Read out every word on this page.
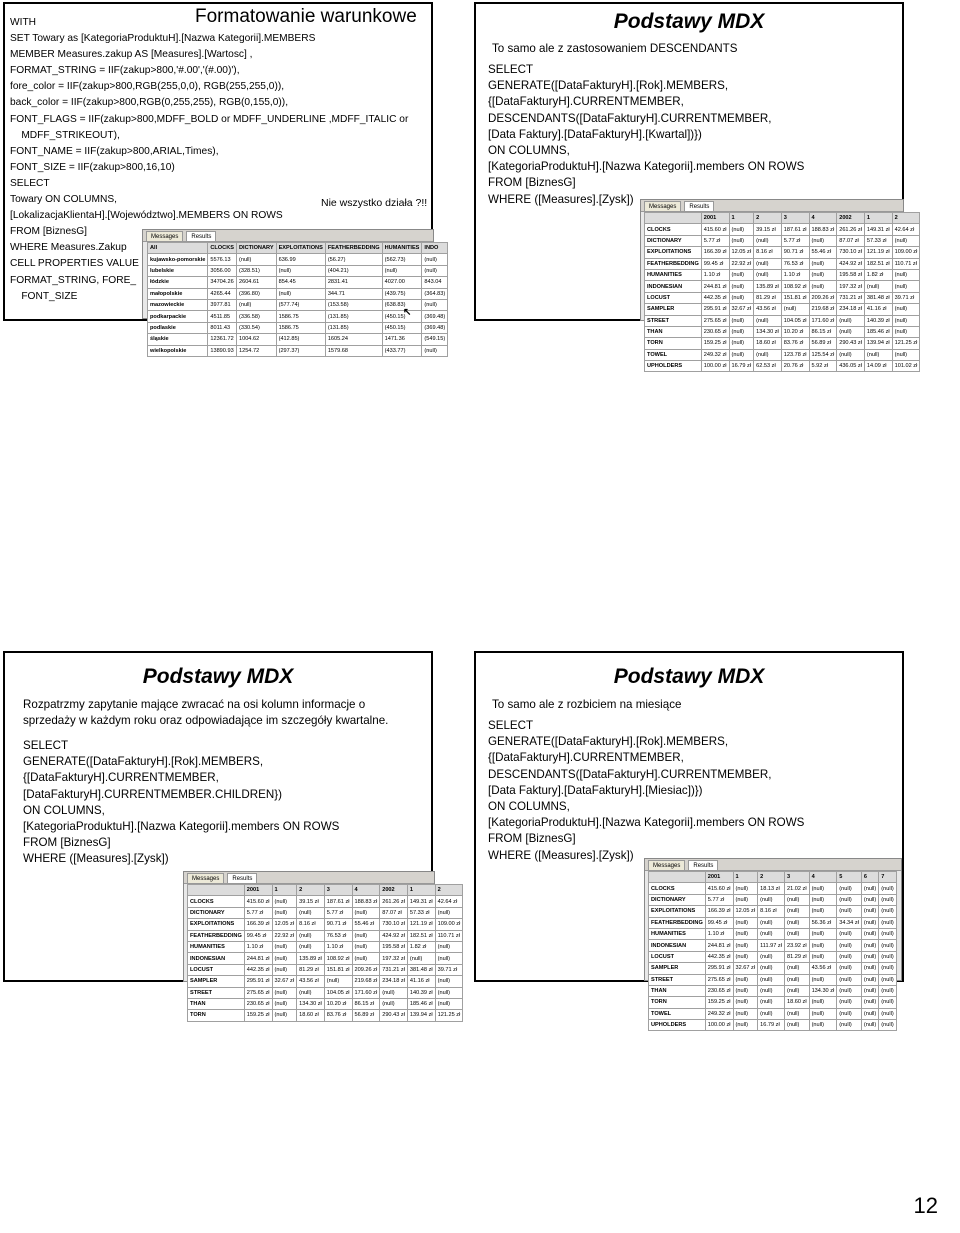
Formatowanie warunkowe
WITH
SET Towary as [KategoriaProduktuH].[Nazwa Kategorii].MEMBERS
MEMBER Measures.zakup AS [Measures].[Wartosc] ,
FORMAT_STRING = IIF(zakup>800,'#.00','(#.00)'),
fore_color = IIF(zakup>800,RGB(255,0,0), RGB(255,255,0)),
back_color = IIF(zakup>800,RGB(0,255,255), RGB(0,155,0)),
FONT_FLAGS = IIF(zakup>800,MDFF_BOLD or MDFF_UNDERLINE ,MDFF_ITALIC or
MDFF_STRIKEOUT),
FONT_NAME = IIF(zakup>800,ARIAL,Times),
FONT_SIZE = IIF(zakup>800,16,10)
SELECT
Towary ON COLUMNS,
[LokalizacjaKlientaH].[Województwo].MEMBERS ON ROWS
FROM [BiznesG]
WHERE Measures.Zakup
CELL PROPERTIES VALUE
FORMAT_STRING, FORE_
FONT_SIZE
Nie wszystko działa ?!!
Messages	Results
All	CLOCKS	DICTIONARY	EXPLOITATIONS	FEATHERBEDDING	HUMANITIES	INDO
kujawsko-pomorskie	5576.13	(null)	636.99	(56.27)	(562.73)	(null)
lubelskie	3056.00	(328.51)	(null)	(404.21)	(null)	(null)
łódzkie	34704.26	2604.61	854.45	2831.41	4027.00	843.04
małopolskie	4265.44	(396.80)	(null)	344.71	(439.75)	(364.83)
mazowieckie	3977.81	(null)	(577.74)	(153.58)	(638.83)	(null)
podkarpackie	4511.85	(336.58)	1586.75	(131.85)	(450.15)	(369.48)
podlaskie	8011.43	(330.54)	1586.75	(131.85)	(450.15)	(369.48)
śląskie	12361.72	1004.62	(412.85)	1605.24	1471.36	(549.15)
wielkopolskie	13890.93	1254.72	(297.37)	1579.68	(433.77)	(null)
↖
Podstawy MDX
To samo ale z zastosowaniem DESCENDANTS
SELECT
GENERATE([DataFakturyH].[Rok].MEMBERS,
{[DataFakturyH].CURRENTMEMBER,
DESCENDANTS([DataFakturyH].CURRENTMEMBER,
[Data Faktury].[DataFakturyH].[Kwartal])})
ON COLUMNS,
[KategoriaProduktuH].[Nazwa Kategorii].members ON ROWS
FROM [BiznesG]
WHERE ([Measures].[Zysk])
Messages	Results
	2001	1	2	3	4	2002	1	2
CLOCKS	415.60 zł	(null)	39.15 zł	187.61 zł	188.83 zł	261.26 zł	149.31 zł	42.64 zł
DICTIONARY	5.77 zł	(null)	(null)	5.77 zł	(null)	87.07 zł	57.33 zł	(null)
EXPLOITATIONS	166.39 zł	12.05 zł	8.16 zł	90.71 zł	55.46 zł	730.10 zł	121.19 zł	109.00 zł
FEATHERBEDDING	99.45 zł	22.92 zł	(null)	76.53 zł	(null)	424.92 zł	182.51 zł	110.71 zł
HUMANITIES	1.10 zł	(null)	(null)	1.10 zł	(null)	195.58 zł	1.82 zł	(null)
INDONESIAN	244.81 zł	(null)	135.89 zł	108.92 zł	(null)	197.32 zł	(null)	(null)
LOCUST	442.35 zł	(null)	81.29 zł	151.81 zł	209.26 zł	731.21 zł	381.48 zł	39.71 zł
SAMPLER	295.91 zł	32.67 zł	43.56 zł	(null)	219.68 zł	234.18 zł	41.16 zł	(null)
STREET	275.65 zł	(null)	(null)	104.05 zł	171.60 zł	(null)	140.39 zł	(null)
THAN	230.65 zł	(null)	134.30 zł	10.20 zł	86.15 zł	(null)	185.46 zł	(null)
TORN	159.25 zł	(null)	18.60 zł	83.76 zł	56.89 zł	290.43 zł	139.94 zł	121.25 zł
TOWEL	249.32 zł	(null)	(null)	123.78 zł	125.54 zł	(null)	(null)	(null)
UPHOLDERS	100.00 zł	16.79 zł	62.53 zł	20.76 zł	5.92 zł	436.05 zł	14.09 zł	101.02 zł
Podstawy MDX
Rozpatrzmy zapytanie mające zwracać na osi kolumn informacje o sprzedaży w każdym roku oraz odpowiadające im szczegóły kwartalne.
SELECT
GENERATE([DataFakturyH].[Rok].MEMBERS,
{[DataFakturyH].CURRENTMEMBER,
[DataFakturyH].CURRENTMEMBER.CHILDREN})
ON COLUMNS,
[KategoriaProduktuH].[Nazwa Kategorii].members ON ROWS
FROM [BiznesG]
WHERE ([Measures].[Zysk])
Messages	Results
	2001	1	2	3	4	2002	1	2
CLOCKS	415.60 zł	(null)	39.15 zł	187.61 zł	188.83 zł	261.26 zł	149.31 zł	42.64 zł
DICTIONARY	5.77 zł	(null)	(null)	5.77 zł	(null)	87.07 zł	57.33 zł	(null)
EXPLOITATIONS	166.39 zł	12.05 zł	8.16 zł	90.71 zł	55.46 zł	730.10 zł	121.19 zł	109.00 zł
FEATHERBEDDING	99.45 zł	22.92 zł	(null)	76.53 zł	(null)	424.92 zł	182.51 zł	110.71 zł
HUMANITIES	1.10 zł	(null)	(null)	1.10 zł	(null)	195.58 zł	1.82 zł	(null)
INDONESIAN	244.81 zł	(null)	135.89 zł	108.92 zł	(null)	197.32 zł	(null)	(null)
LOCUST	442.35 zł	(null)	81.29 zł	151.81 zł	209.26 zł	731.21 zł	381.48 zł	39.71 zł
SAMPLER	295.91 zł	32.67 zł	43.56 zł	(null)	219.68 zł	234.18 zł	41.16 zł	(null)
STREET	275.65 zł	(null)	(null)	104.05 zł	171.60 zł	(null)	140.39 zł	(null)
THAN	230.65 zł	(null)	134.30 zł	10.20 zł	86.15 zł	(null)	185.46 zł	(null)
TORN	159.25 zł	(null)	18.60 zł	83.76 zł	56.89 zł	290.43 zł	139.94 zł	121.25 zł
Podstawy MDX
To samo ale z rozbiciem na miesiące
SELECT
GENERATE([DataFakturyH].[Rok].MEMBERS,
{[DataFakturyH].CURRENTMEMBER,
DESCENDANTS([DataFakturyH].CURRENTMEMBER,
[Data Faktury].[DataFakturyH].[Miesiac])})
ON COLUMNS,
[KategoriaProduktuH].[Nazwa Kategorii].members ON ROWS
FROM [BiznesG]
WHERE ([Measures].[Zysk])
Messages	Results
	2001	1	2	3	4	5	6	7
CLOCKS	415.60 zł	(null)	18.13 zł	21.02 zł	(null)	(null)	(null)	(null)
DICTIONARY	5.77 zł	(null)	(null)	(null)	(null)	(null)	(null)	(null)
EXPLOITATIONS	166.39 zł	12.05 zł	8.16 zł	(null)	(null)	(null)	(null)	(null)
FEATHERBEDDING	99.45 zł	(null)	(null)	(null)	56.36 zł	34.34 zł	(null)	(null)
HUMANITIES	1.10 zł	(null)	(null)	(null)	(null)	(null)	(null)	(null)
INDONESIAN	244.81 zł	(null)	111.97 zł	23.92 zł	(null)	(null)	(null)	(null)
LOCUST	442.35 zł	(null)	(null)	81.29 zł	(null)	(null)	(null)	(null)
SAMPLER	295.91 zł	32.67 zł	(null)	(null)	43.56 zł	(null)	(null)	(null)
STREET	275.65 zł	(null)	(null)	(null)	(null)	(null)	(null)	(null)
THAN	230.65 zł	(null)	(null)	(null)	134.30 zł	(null)	(null)	(null)
TORN	159.25 zł	(null)	(null)	18.60 zł	(null)	(null)	(null)	(null)
TOWEL	249.32 zł	(null)	(null)	(null)	(null)	(null)	(null)	(null)
UPHOLDERS	100.00 zł	(null)	16.79 zł	(null)	(null)	(null)	(null)	(null)
12
